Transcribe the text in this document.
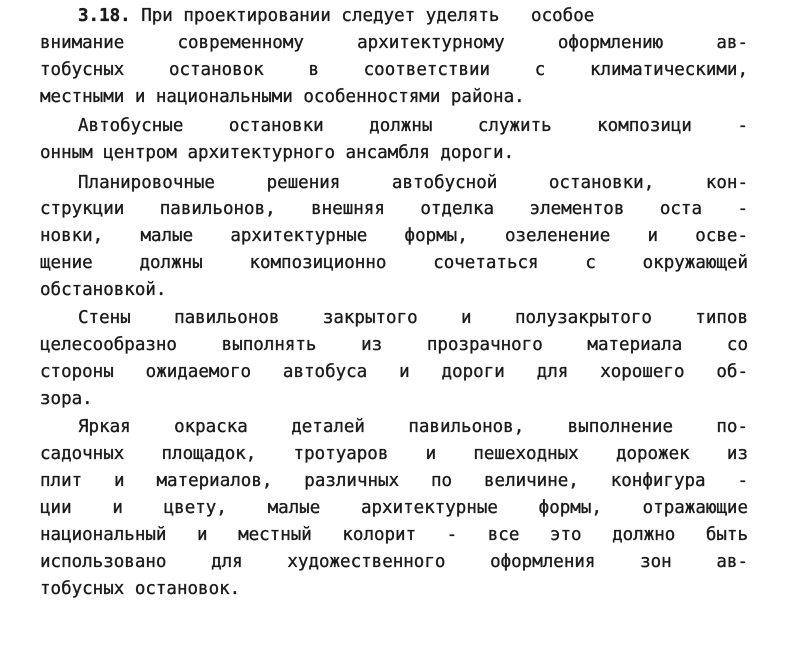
3.18. При проектировании следует уделять   особое
внимание современному архитектурному оформлению ав-
тобусных остановок в соответствии с климатическими,
местными и национальными особенностями района.
Автобусные остановки должны служить композици -
онным центром архитектурного ансамбля дороги.
Планировочные решения автобусной остановки, кон-
струкции павильонов, внешняя отделка элементов оста -
новки, малые архитектурные формы, озеленение и осве-
щение должны композиционно сочетаться с окружающей
обстановкой.
Стены павильонов закрытого и полузакрытого типов
целесообразно выполнять из прозрачного материала со
стороны ожидаемого автобуса и дороги для хорошего об-
зора.
Яркая окраска деталей павильонов, выполнение по-
садочных площадок, тротуаров и пешеходных дорожек из
плит и материалов, различных по величине, конфигура -
ции и цвету, малые архитектурные формы, отражающие
национальный и местный колорит - все это должно быть
использовано для художественного оформления зон ав-
тобусных остановок.
